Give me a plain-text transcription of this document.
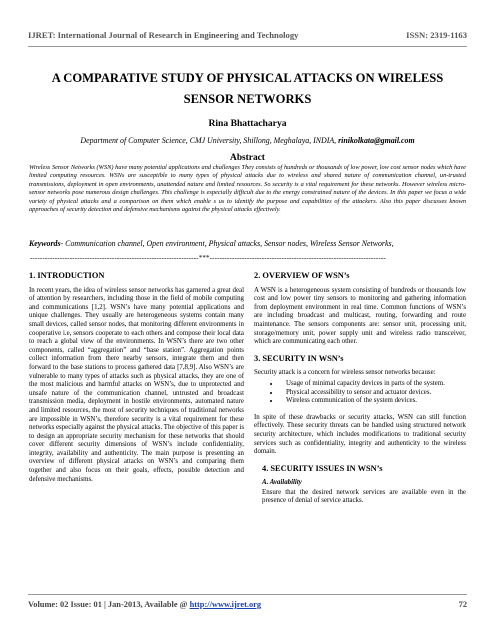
IJRET: International Journal of Research in Engineering and Technology	ISSN: 2319-1163
A COMPARATIVE STUDY OF PHYSICAL ATTACKS ON WIRELESS
SENSOR NETWORKS
Rina Bhattacharya
Department of Computer Science, CMJ University, Shillong, Meghalaya, INDIA, rinikolkata@gmail.com
Abstract
Wireless Sensor Networks (WSN) have many potential applications and challenges They consists of hundreds or thousands of low power, low cost sensor nodes which have limited computing resources. WSNs are susceptible to many types of physical attacks due to wireless and shared nature of communication channel, un-trusted transmissions, deployment in open environments, unattended nature and limited resources. So security is a vital requirement for these networks. However wireless micro-sensor networks pose numerous design challenges. This challenge is especially difficult due to the energy constrained nature of the devices. In this paper we focus a wide variety of physical attacks and a comparison on them which enable s us to identify the purpose and capabilities of the attackers. Also this paper discusses known approaches of security detection and defensive mechanisms against the physical attacks effectively.
Keywords- Communication channel, Open environment, Physical attacks, Sensor nodes, Wireless Sensor Networks,
--------------------------------------------------------------------***-----------------------------------------------------------------------
1. INTRODUCTION
In recent years, the idea of wireless sensor networks has garnered a great deal of attention by researchers, including those in the field of mobile computing and communications [1,2]. WSN’s have many potential applications and unique challenges. They usually are heterogeneous systems contain many small devices, called sensor nodes, that monitoring different environments in cooperative i.e, sensors cooperate to each others and compose their local data to reach a global view of the environments. In WSN’s there are two other components, called “aggregation” and “base station”. Aggregation points collect information from there nearby sensors, integrate them and then forward to the base stations to process gathered data [7,8,9]. Also WSN’s are vulnerable to many types of attacks such as physical attacks, they are one of the most malicious and harmful attacks on WSN’s, due to unprotected and unsafe nature of the communication channel, untrusted and broadcast transmission media, deployment in hostile environments, automated nature and limited resources, the most of security techniques of traditional networks are impossible in WSN’s, therefore security is a vital requirement for these networks especially against the physical attacks. The objective of this paper is to design an appropriate security mechanism for these networks that should cover different security dimensions of WSN’s include confidentiality, integrity, availability and authenticity. The main purpose is presenting an overview of different physical attacks on WSN’s and comparing them together and also focus on their goals, effects, possible detection and defensive mechanisms.
2. OVERVIEW OF WSN’s
A WSN is a heterogeneous system consisting of hundreds or thousands low cost and low power tiny sensors to monitoring and gathering information from deployment environment in real time. Common functions of WSN’s are including broadcast and multicast, routing, forwarding and route maintenance. The sensors components are: sensor unit, processing unit, storage/memory unit, power supply unit and wireless radio transceiver, which are communicating each other.
3. SECURITY IN WSN’s
Security attack is a concern for wireless sensor networks because:
• Usage of minimal capacity devices in parts of the system.
• Physical accessibility to sensor and actuator devices.
• Wireless communication of the system devices.
In spite of these drawbacks or security attacks, WSN can still function effectively. These security threats can be handled using structured network security architecture, which includes modifications to traditional security services such as confidentiality, integrity and authenticity to the wireless domain.
4. SECURITY ISSUES IN WSN’s
A. Availability
Ensure that the desired network services are available even in the presence of denial of service attacks.
Volume: 02 Issue: 01 | Jan-2013, Available @ http://www.ijret.org	72
